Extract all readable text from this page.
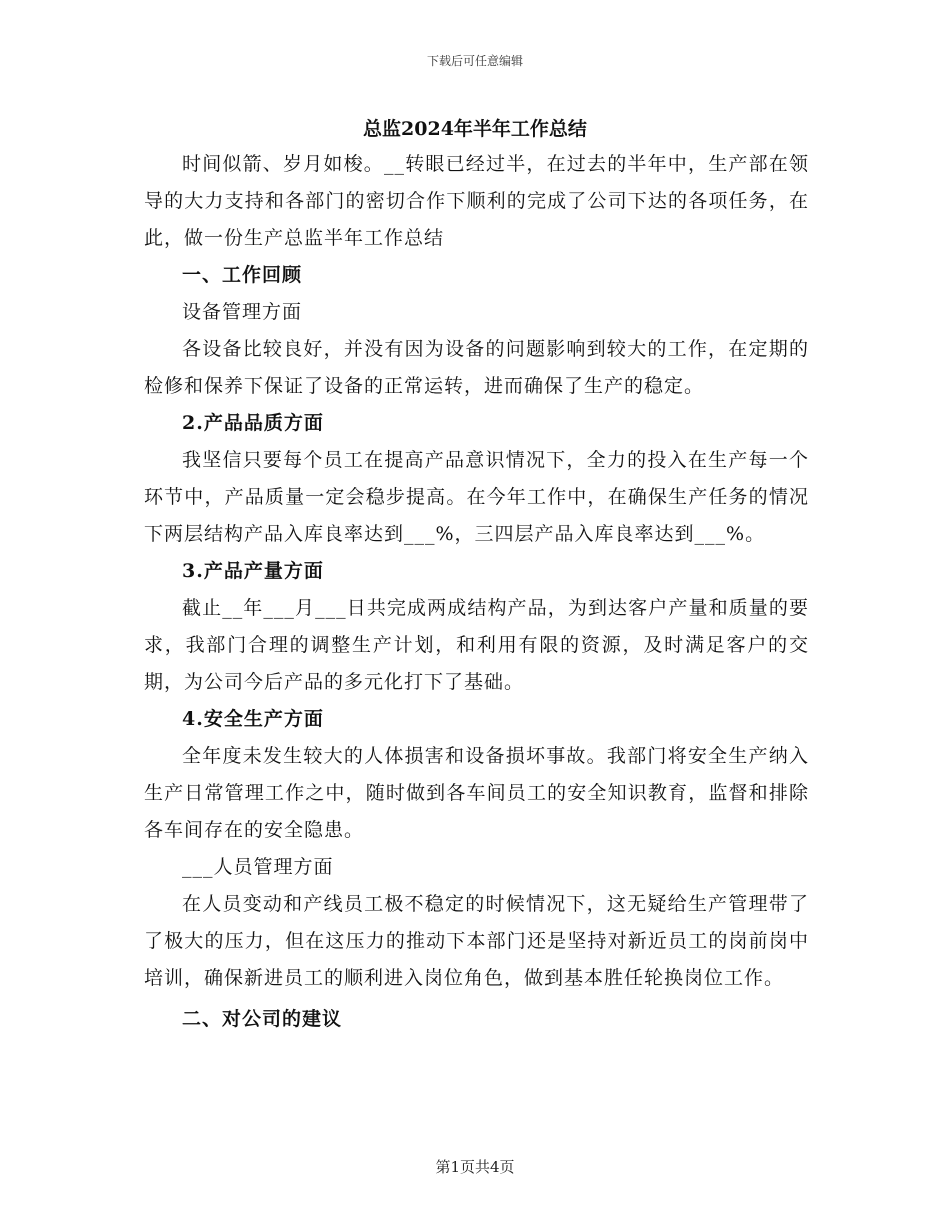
下载后可任意编辑
总监2024年半年工作总结

时间似箭、岁月如梭。__转眼已经过半，在过去的半年中，生产部在领导的大力支持和各部门的密切合作下顺利的完成了公司下达的各项任务，在此，做一份生产总监半年工作总结

一、工作回顾

设备管理方面

各设备比较良好，并没有因为设备的问题影响到较大的工作，在定期的检修和保养下保证了设备的正常运转，进而确保了生产的稳定。

2.产品品质方面

我坚信只要每个员工在提高产品意识情况下，全力的投入在生产每一个环节中，产品质量一定会稳步提高。在今年工作中，在确保生产任务的情况下两层结构产品入库良率达到___%，三四层产品入库良率达到___%。

3.产品产量方面

截止__年___月___日共完成两成结构产品，为到达客户产量和质量的要求，我部门合理的调整生产计划，和利用有限的资源，及时满足客户的交期，为公司今后产品的多元化打下了基础。

4.安全生产方面

全年度未发生较大的人体损害和设备损坏事故。我部门将安全生产纳入生产日常管理工作之中，随时做到各车间员工的安全知识教育，监督和排除各车间存在的安全隐患。

___人员管理方面

在人员变动和产线员工极不稳定的时候情况下，这无疑给生产管理带了了极大的压力，但在这压力的推动下本部门还是坚持对新近员工的岗前岗中培训，确保新进员工的顺利进入岗位角色，做到基本胜任轮换岗位工作。

二、对公司的建议

第1页共4页
